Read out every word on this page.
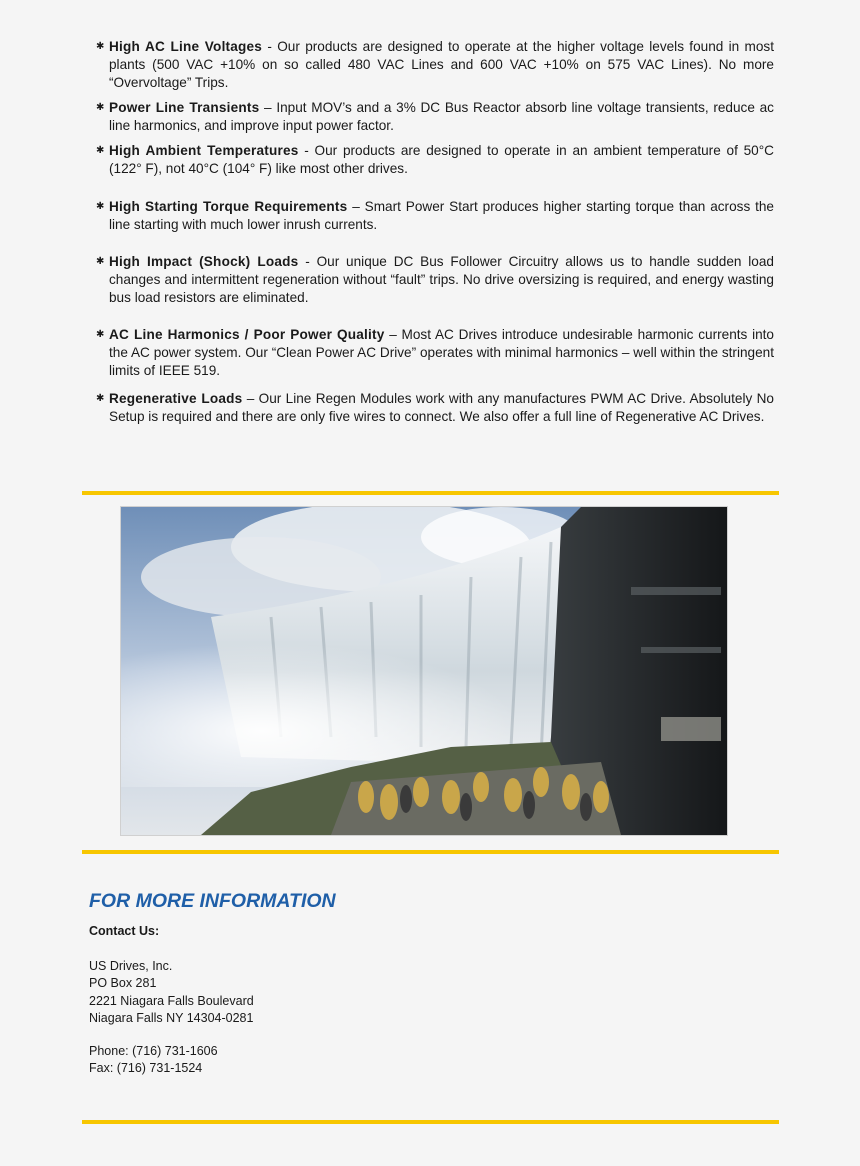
✱ High AC Line Voltages - Our products are designed to operate at the higher voltage levels found in most plants (500 VAC +10% on so called 480 VAC Lines and 600 VAC +10% on 575 VAC Lines). No more “Overvoltage” Trips.
✱ Power Line Transients – Input MOV’s and a 3% DC Bus Reactor absorb line voltage transients, reduce ac line harmonics, and improve input power factor.
✱ High Ambient Temperatures - Our products are designed to operate in an ambient temperature of 50°C (122° F), not 40°C (104° F) like most other drives.
✱ High Starting Torque Requirements – Smart Power Start produces higher starting torque than across the line starting with much lower inrush currents.
✱ High Impact (Shock) Loads - Our unique DC Bus Follower Circuitry allows us to handle sudden load changes and intermittent regeneration without “fault” trips. No drive oversizing is required, and energy wasting bus load resistors are eliminated.
✱ AC Line Harmonics / Poor Power Quality – Most AC Drives introduce undesirable harmonic currents into the AC power system. Our “Clean Power AC Drive” operates with minimal harmonics – well within the stringent limits of IEEE 519.
✱ Regenerative Loads – Our Line Regen Modules work with any manufactures PWM AC Drive. Absolutely No Setup is required and there are only five wires to connect. We also offer a full line of Regenerative AC Drives.
FOR MORE INFORMATION
Contact Us:
US Drives, Inc.
PO Box 281
2221 Niagara Falls Boulevard
Niagara Falls NY 14304-0281
Phone: (716) 731-1606
Fax: (716) 731-1524
